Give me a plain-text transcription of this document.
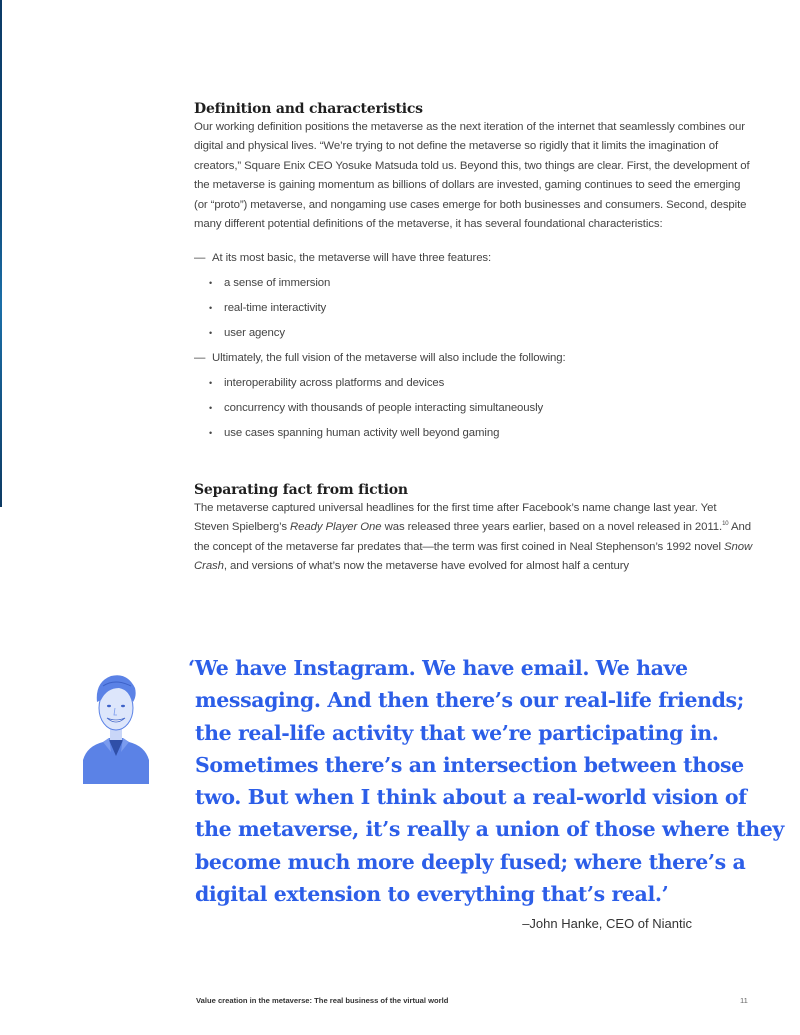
Definition and characteristics

Our working definition positions the metaverse as the next iteration of the internet that seamlessly combines our digital and physical lives. “We’re trying to not define the metaverse so rigidly that it limits the imagination of creators,” Square Enix CEO Yosuke Matsuda told us. Beyond this, two things are clear. First, the development of the metaverse is gaining momentum as billions of dollars are invested, gaming continues to seed the emerging (or “proto”) metaverse, and nongaming use cases emerge for both businesses and consumers. Second, despite many different potential definitions of the metaverse, it has several foundational characteristics:

— At its most basic, the metaverse will have three features:
• a sense of immersion
• real-time interactivity
• user agency
— Ultimately, the full vision of the metaverse will also include the following:
• interoperability across platforms and devices
• concurrency with thousands of people interacting simultaneously
• use cases spanning human activity well beyond gaming
Separating fact from fiction

The metaverse captured universal headlines for the first time after Facebook’s name change last year. Yet Steven Spielberg’s Ready Player One was released three years earlier, based on a novel released in 2011.10 And the concept of the metaverse far predates that—the term was first coined in Neal Stephenson’s 1992 novel Snow Crash, and versions of what’s now the metaverse have evolved for almost half a century

‘We have Instagram. We have email. We have
messaging. And then there’s our real-life friends;
the real-life activity that we’re participating in.
Sometimes there’s an intersection between those
two. But when I think about a real-world vision of
the metaverse, it’s really a union of those where they
become much more deeply fused; where there’s a
digital extension to everything that’s real.’
–John Hanke, CEO of Niantic
Value creation in the metaverse: The real business of the virtual world	11
